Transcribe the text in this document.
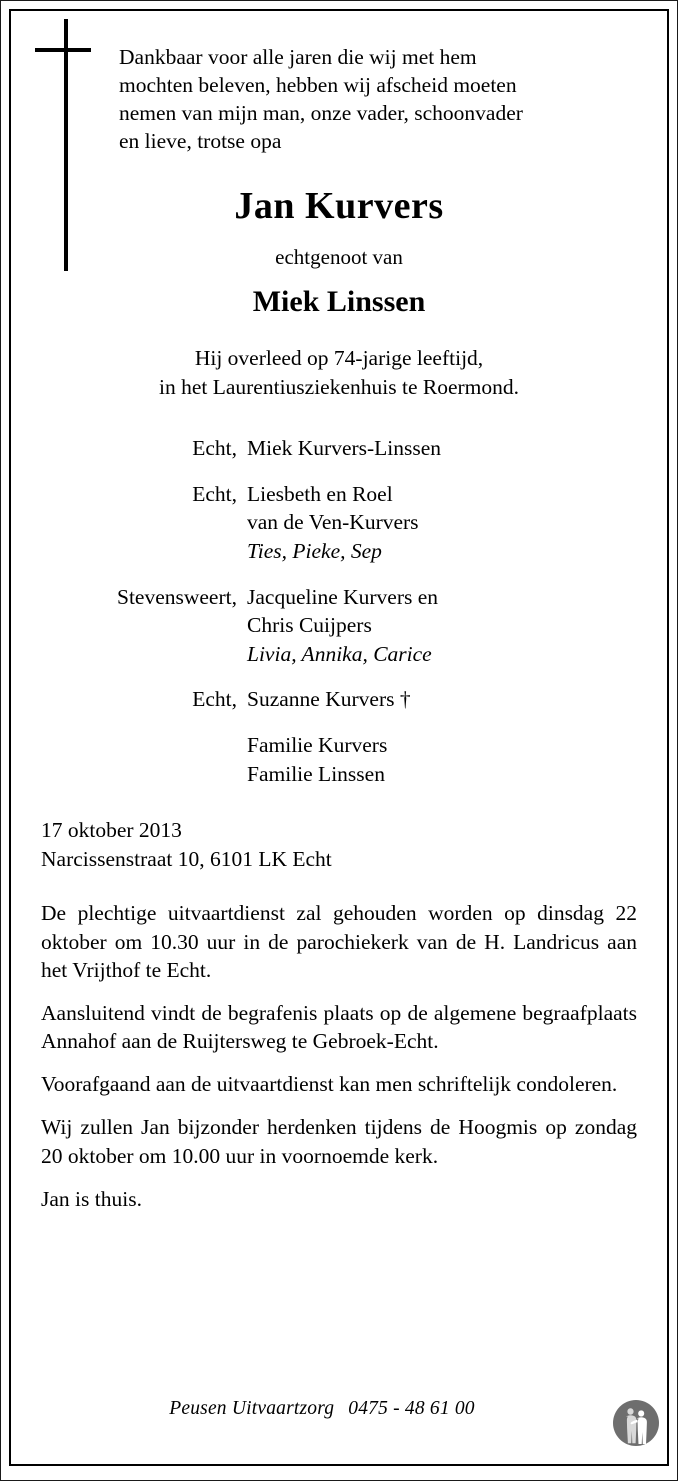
Dankbaar voor alle jaren die wij met hem
mochten beleven, hebben wij afscheid moeten
nemen van mijn man, onze vader, schoonvader
en lieve, trotse opa
Jan Kurvers
echtgenoot van
Miek Linssen
Hij overleed op 74-jarige leeftijd,
in het Laurentiusziekenhuis te Roermond.
Echt, Miek Kurvers-Linssen
Echt, Liesbeth en Roel
van de Ven-Kurvers
Ties, Pieke, Sep
Stevensweert, Jacqueline Kurvers en
Chris Cuijpers
Livia, Annika, Carice
Echt, Suzanne Kurvers †
Familie Kurvers
Familie Linssen
17 oktober 2013
Narcissenstraat 10, 6101 LK Echt

De plechtige uitvaartdienst zal gehouden worden op dinsdag 22 oktober om 10.30 uur in de parochiekerk van de H. Landricus aan het Vrijthof te Echt.

Aansluitend vindt de begrafenis plaats op de algemene begraafplaats Annahof aan de Ruijtersweg te Gebroek-Echt.

Voorafgaand aan de uitvaartdienst kan men schriftelijk condoleren.

Wij zullen Jan bijzonder herdenken tijdens de Hoogmis op zondag 20 oktober om 10.00 uur in voornoemde kerk.

Jan is thuis.

Peusen Uitvaartzorg 0475 - 48 61 00
